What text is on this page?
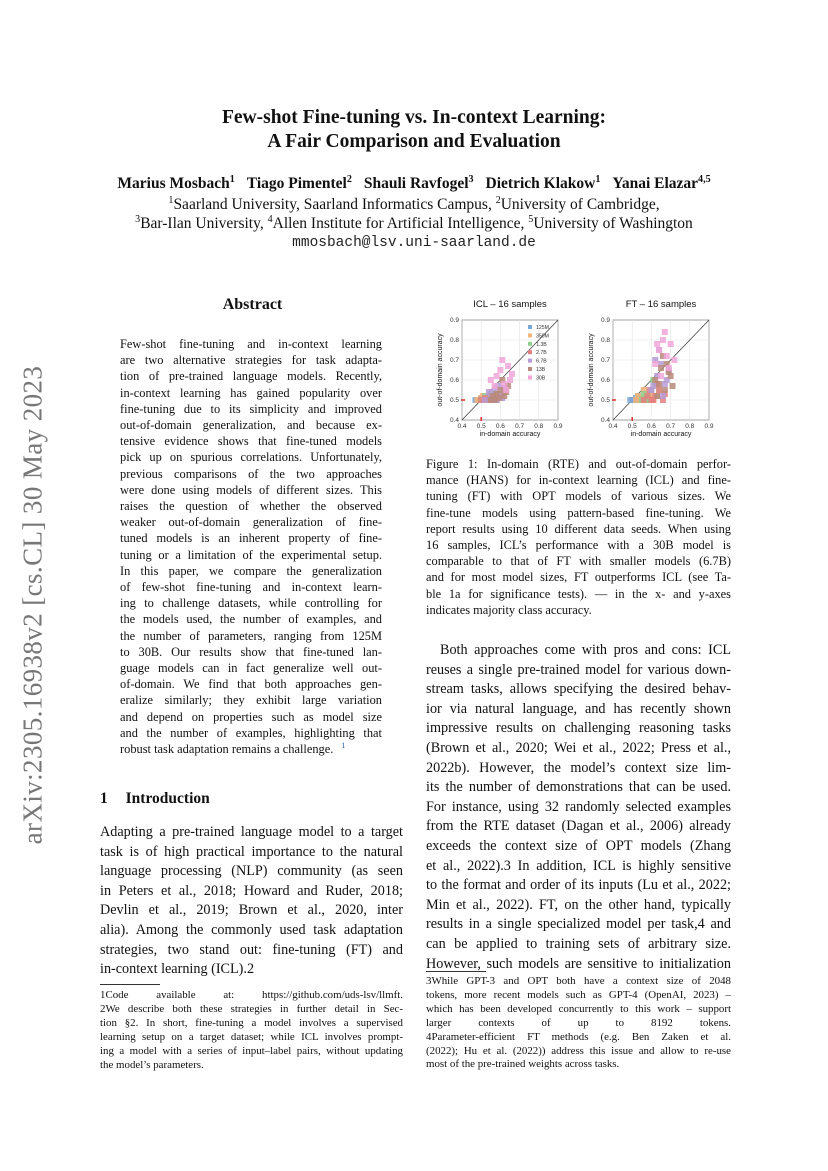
arXiv:2305.16938v2 [cs.CL] 30 May 2023
Few-shot Fine-tuning vs. In-context Learning:
A Fair Comparison and Evaluation
Marius Mosbach$^1$ Tiago Pimentel$^2$ Shauli Ravfogel$^3$ Dietrich Klakow$^1$ Yanai Elazar$^{4,5}$
$^1$Saarland University, Saarland Informatics Campus, $^2$University of Cambridge,
$^3$Bar-Ilan University, $^4$Allen Institute for Artificial Intelligence, $^5$University of Washington
mmosbach@lsv.uni-saarland.de
Abstract
Few-shot fine-tuning and in-context learning
are two alternative strategies for task adapta-
tion of pre-trained language models. Recently,
in-context learning has gained popularity over
fine-tuning due to its simplicity and improved
out-of-domain generalization, and because ex-
tensive evidence shows that fine-tuned models
pick up on spurious correlations. Unfortunately,
previous comparisons of the two approaches
were done using models of different sizes. This
raises the question of whether the observed
weaker out-of-domain generalization of fine-
tuned models is an inherent property of fine-
tuning or a limitation of the experimental setup.
In this paper, we compare the generalization
of few-shot fine-tuning and in-context learn-
ing to challenge datasets, while controlling for
the models used, the number of examples, and
the number of parameters, ranging from 125M
to 30B. Our results show that fine-tuned lan-
guage models can in fact generalize well out-
of-domain. We find that both approaches gen-
eralize similarly; they exhibit large variation
and depend on properties such as model size
and the number of examples, highlighting that
robust task adaptation remains a challenge. $^1$
1 Introduction
Adapting a pre-trained language model to a target
task is of high practical importance to the natural
language processing (NLP) community (as seen
in Peters et al., 2018; Howard and Ruder, 2018;
Devlin et al., 2019; Brown et al., 2020, inter
alia). Among the commonly used task adaptation
strategies, two stand out: fine-tuning (FT) and
in-context learning (ICL).2
1Code available at: https://github.com/uds-lsv/llmft.
2We describe both these strategies in further detail in Sec-
tion §2. In short, fine-tuning a model involves a supervised
learning setup on a target dataset; while ICL involves prompt-
ing a model with a series of input–label pairs, without updating
the model’s parameters.
ICL – 16 samples
0.4 0.5 0.6 0.7 0.8 0.9
0.4
0.5
0.6
0.7
0.8
0.9
in-domain accuracy
out-of-domain accuracy
125M
350M
1.3B
2.7B
6.7B
13B
30B
FT – 16 samples
0.4 0.5 0.6 0.7 0.8 0.9
0.4
0.5
0.6
0.7
0.8
0.9
in-domain accuracy
out-of-domain accuracy
Figure 1: In-domain (RTE) and out-of-domain perfor-
mance (HANS) for in-context learning (ICL) and fine-
tuning (FT) with OPT models of various sizes. We
fine-tune models using pattern-based fine-tuning. We
report results using 10 different data seeds. When using
16 samples, ICL’s performance with a 30B model is
comparable to that of FT with smaller models (6.7B)
and for most model sizes, FT outperforms ICL (see Ta-
ble 1a for significance tests). — in the x- and y-axes
indicates majority class accuracy.
Both approaches come with pros and cons: ICL
reuses a single pre-trained model for various down-
stream tasks, allows specifying the desired behav-
ior via natural language, and has recently shown
impressive results on challenging reasoning tasks
(Brown et al., 2020; Wei et al., 2022; Press et al.,
2022b). However, the model’s context size lim-
its the number of demonstrations that can be used.
For instance, using 32 randomly selected examples
from the RTE dataset (Dagan et al., 2006) already
exceeds the context size of OPT models (Zhang
et al., 2022).3 In addition, ICL is highly sensitive
to the format and order of its inputs (Lu et al., 2022;
Min et al., 2022). FT, on the other hand, typically
results in a single specialized model per task,4 and
can be applied to training sets of arbitrary size.
However, such models are sensitive to initialization
3While GPT-3 and OPT both have a context size of 2048
tokens, more recent models such as GPT-4 (OpenAI, 2023) –
which has been developed concurrently to this work – support
larger contexts of up to 8192 tokens.
4Parameter-efficient FT methods (e.g. Ben Zaken et al.
(2022); Hu et al. (2022)) address this issue and allow to re-use
most of the pre-trained weights across tasks.
